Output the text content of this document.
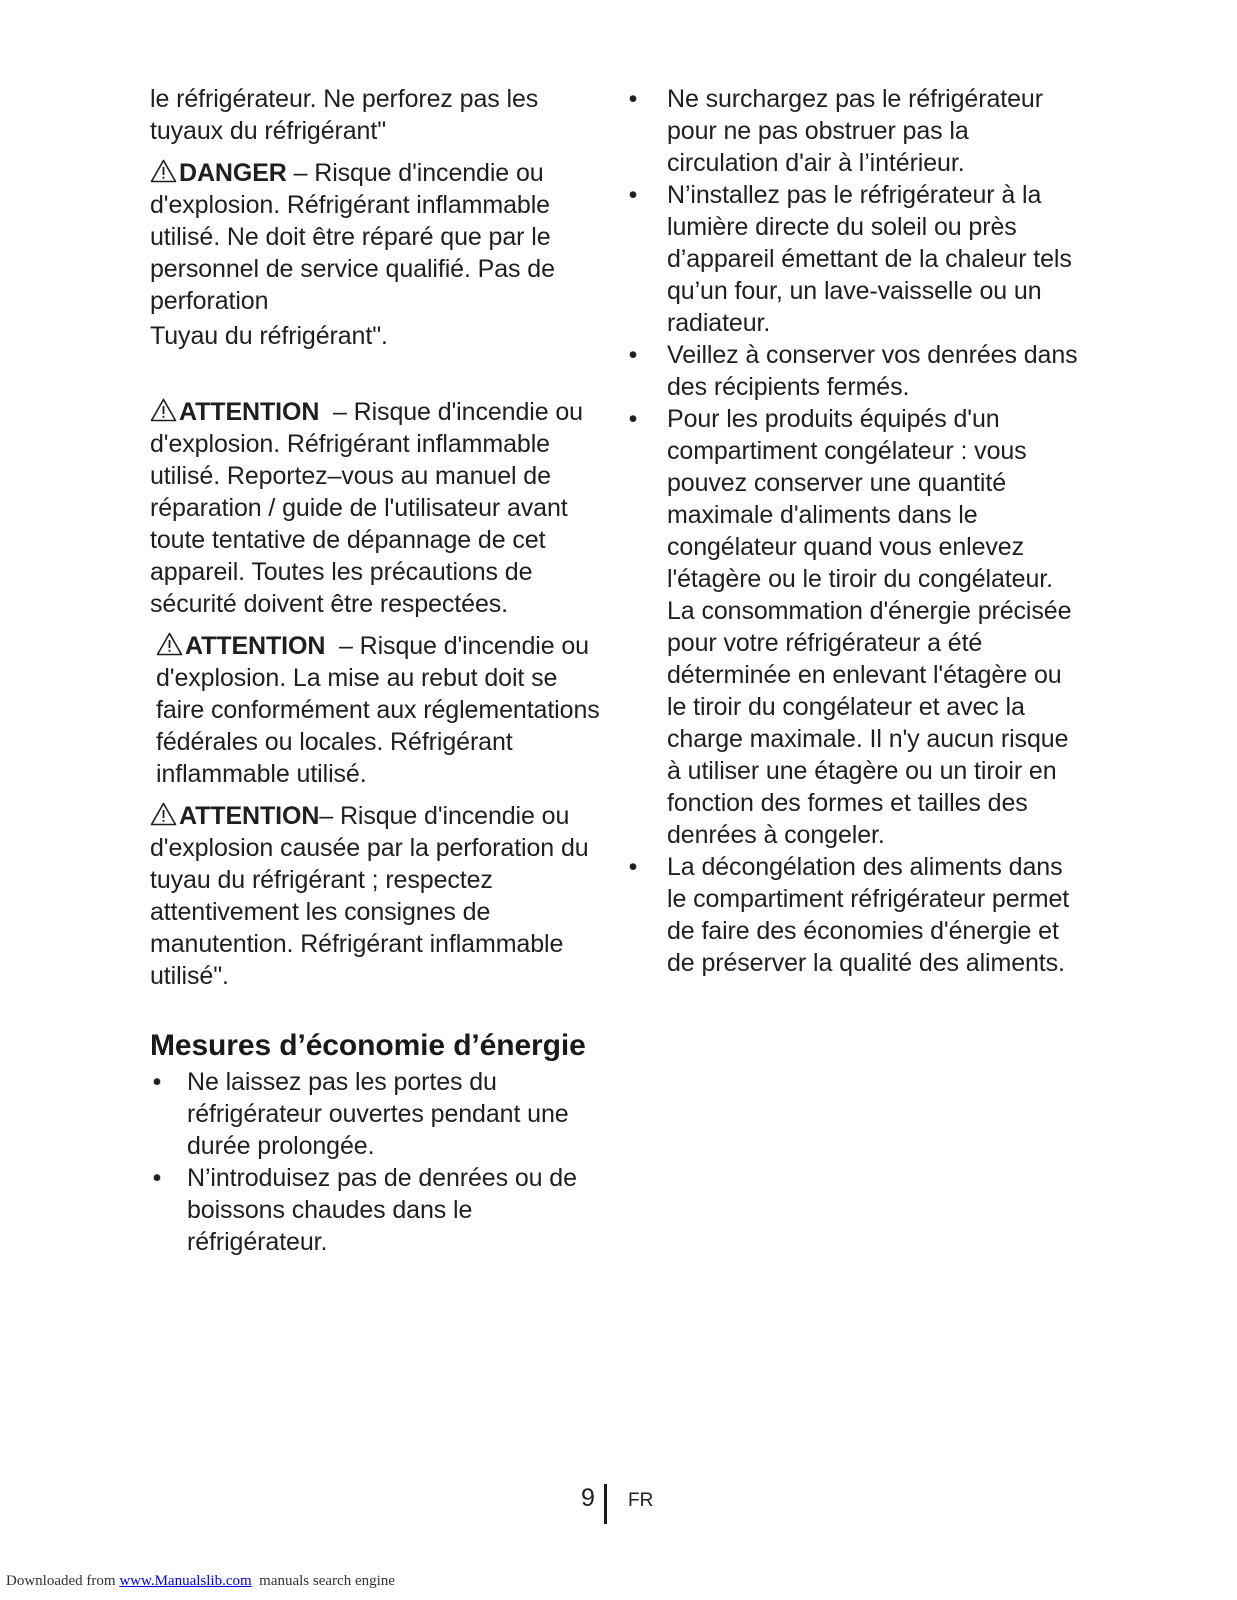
le réfrigérateur. Ne perforez pas les
tuyaux du réfrigérant"
DANGER – Risque d'incendie ou d'explosion. Réfrigérant inflammable utilisé. Ne doit être réparé que par le personnel de service qualifié. Pas de perforation
Tuyau du réfrigérant".
ATTENTION  – Risque d'incendie ou d'explosion. Réfrigérant inflammable utilisé. Reportez–vous au manuel de réparation / guide de l'utilisateur avant toute tentative de dépannage de cet appareil. Toutes les précautions de sécurité doivent être respectées.
ATTENTION  – Risque d'incendie ou d'explosion. La mise au rebut doit se faire conformément aux réglementations fédérales ou locales. Réfrigérant inflammable utilisé.
ATTENTION– Risque d'incendie ou d'explosion causée par la perforation du tuyau du réfrigérant ; respectez attentivement les consignes de manutention. Réfrigérant inflammable utilisé".
Mesures d’économie d’énergie
• Ne laissez pas les portes du réfrigérateur ouvertes pendant une durée prolongée.
• N’introduisez pas de denrées ou de boissons chaudes dans le réfrigérateur.
• Ne surchargez pas le réfrigérateur pour ne pas obstruer pas la circulation d'air à l’intérieur.
• N’installez pas le réfrigérateur à la lumière directe du soleil ou près d’appareil émettant de la chaleur tels qu’un four, un lave-vaisselle ou un radiateur.
• Veillez à conserver vos denrées dans des récipients fermés.
• Pour les produits équipés d'un compartiment congélateur : vous pouvez conserver une quantité maximale d'aliments dans le congélateur quand vous enlevez l'étagère ou le tiroir du congélateur. La consommation d'énergie précisée pour votre réfrigérateur a été déterminée en enlevant l'étagère ou le tiroir du congélateur et avec la charge maximale. Il n'y aucun risque à utiliser une étagère ou un tiroir en fonction des formes et tailles des denrées à congeler.
• La décongélation des aliments dans le compartiment réfrigérateur permet de faire des économies d'énergie et de préserver la qualité des aliments.
9 FR
Downloaded from www.Manualslib.com  manuals search engine
